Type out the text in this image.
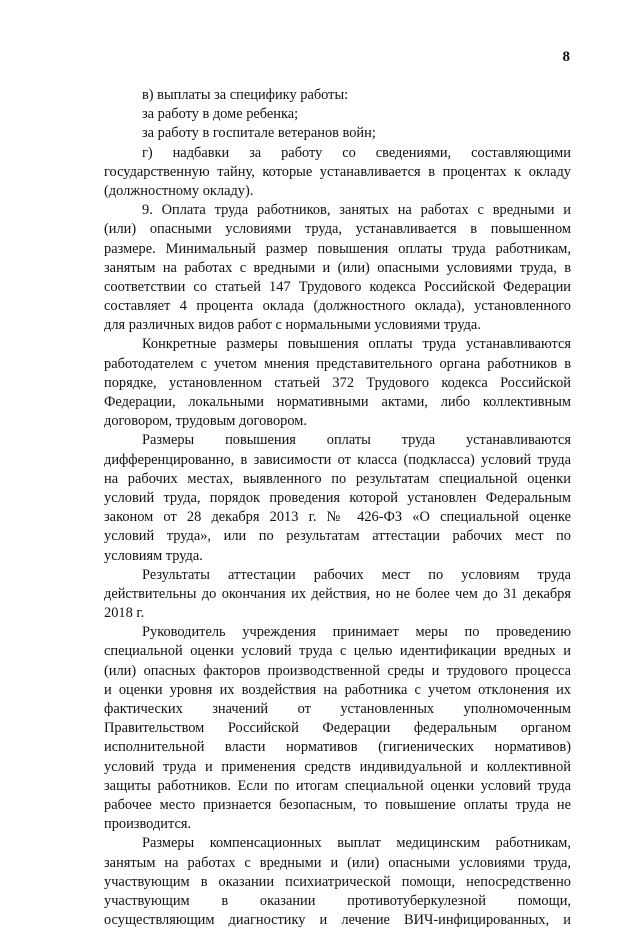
8
в) выплаты за специфику работы:
за работу в доме ребенка;
за работу в госпитале ветеранов войн;
г) надбавки за работу со сведениями, составляющими
государственную тайну, которые устанавливается в процентах к окладу
(должностному окладу).
9. Оплата труда работников, занятых на работах с вредными и
(или) опасными условиями труда, устанавливается в повышенном
размере. Минимальный размер повышения оплаты труда работникам,
занятым на работах с вредными и (или) опасными условиями труда, в
соответствии со статьей 147 Трудового кодекса Российской Федерации
составляет 4 процента оклада (должностного оклада), установленного
для различных видов работ с нормальными условиями труда.
Конкретные размеры повышения оплаты труда устанавливаются
работодателем с учетом мнения представительного органа работников в
порядке, установленном статьей 372 Трудового кодекса Российской
Федерации, локальными нормативными актами, либо коллективным
договором, трудовым договором.
Размеры повышения оплаты труда устанавливаются
дифференцированно, в зависимости от класса (подкласса) условий труда
на рабочих местах, выявленного по результатам специальной оценки
условий труда, порядок проведения которой установлен Федеральным
законом от 28 декабря 2013 г. № 426-ФЗ «О специальной оценке
условий труда», или по результатам аттестации рабочих мест по
условиям труда.
Результаты аттестации рабочих мест по условиям труда
действительны до окончания их действия, но не более чем до 31 декабря
2018 г.
Руководитель учреждения принимает меры по проведению
специальной оценки условий труда с целью идентификации вредных и
(или) опасных факторов производственной среды и трудового процесса
и оценки уровня их воздействия на работника с учетом отклонения их
фактических значений от установленных уполномоченным
Правительством Российской Федерации федеральным органом
исполнительной власти нормативов (гигиенических нормативов)
условий труда и применения средств индивидуальной и коллективной
защиты работников. Если по итогам специальной оценки условий труда
рабочее место признается безопасным, то повышение оплаты труда не
производится.
Размеры компенсационных выплат медицинским работникам,
занятым на работах с вредными и (или) опасными условиями труда,
участвующим в оказании психиатрической помощи, непосредственно
участвующим в оказании противотуберкулезной помощи,
осуществляющим диагностику и лечение ВИЧ-инфицированных, и
